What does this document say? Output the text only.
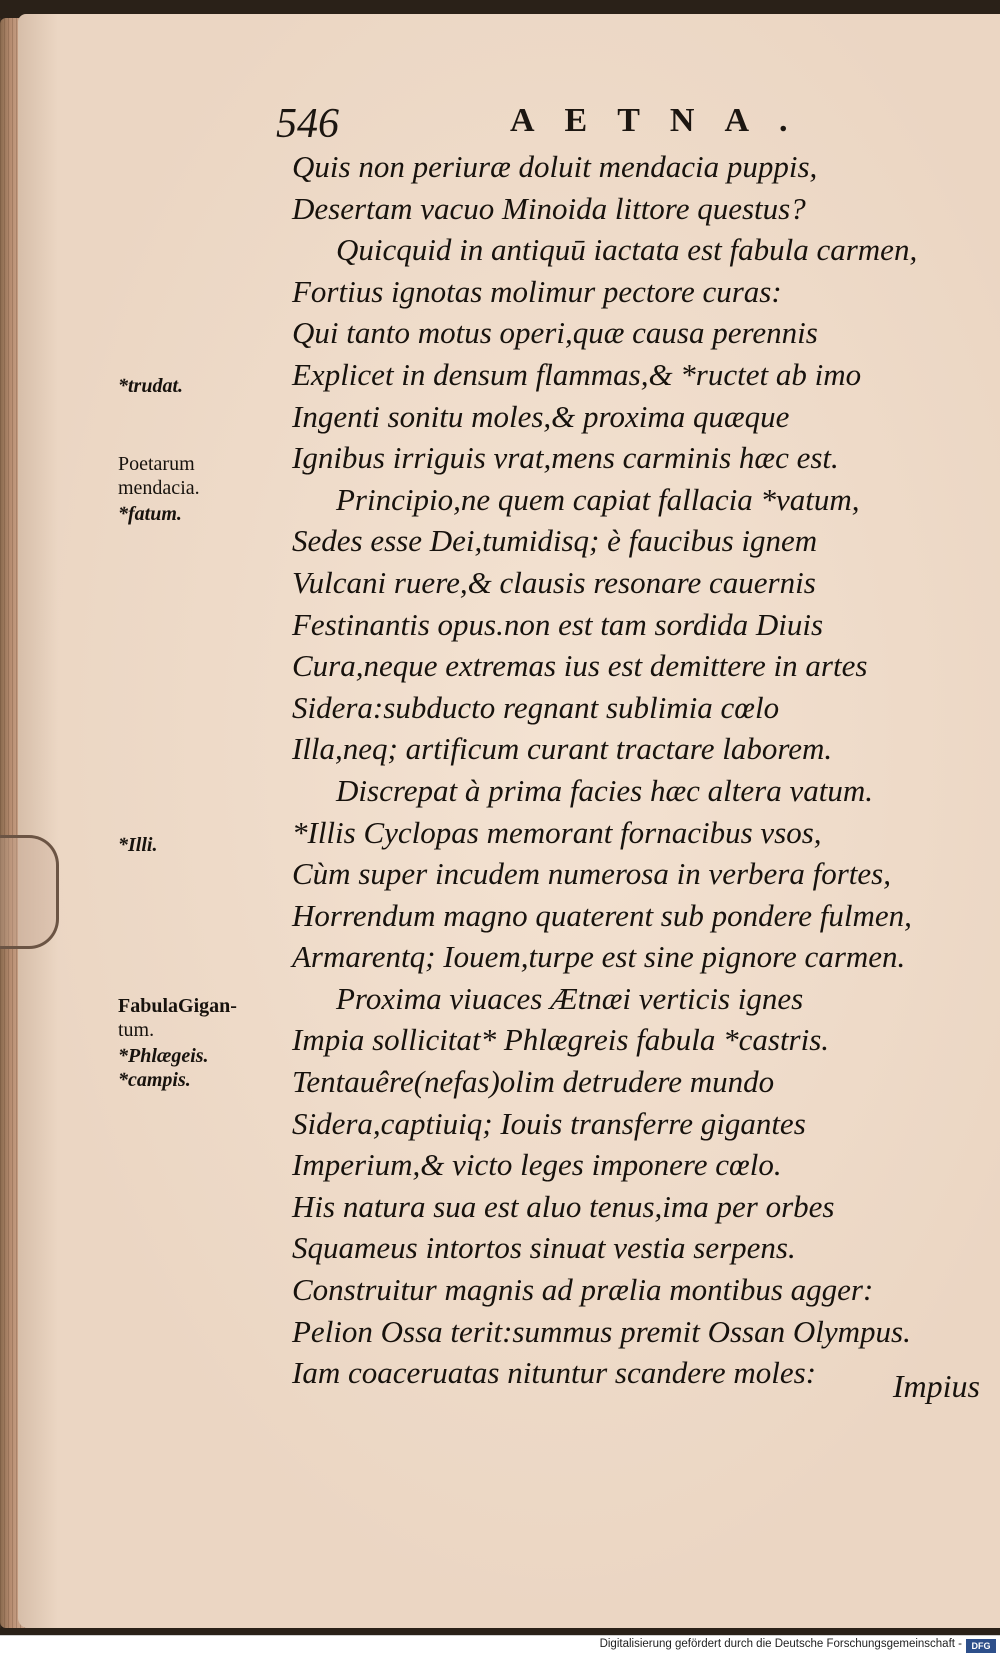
546	AETNA.
Quis non periuræ doluit mendacia puppis,
Desertam vacuo Minoida littore questus?
Quicquid in antiquū iactata est fabula carmen,
Fortius ignotas molimur pectore curas:
Qui tanto motus operi,quæ causa perennis
Explicet in densum flammas,& *ructet ab imo
Ingenti sonitu moles,& proxima quæque
Ignibus irriguis vrat,mens carminis hæc est.
Principio,ne quem capiat fallacia *vatum,
Sedes esse Dei,tumidisq; è faucibus ignem
Vulcani ruere,& clausis resonare cauernis
Festinantis opus.non est tam sordida Diuis
Cura,neque extremas ius est demittere in artes
Sidera:subducto regnant sublimia cœlo
Illa,neq; artificum curant tractare laborem.
Discrepat à prima facies hæc altera vatum.
*Illis Cyclopas memorant fornacibus vsos,
Cùm super incudem numerosa in verbera fortes,
Horrendum magno quaterent sub pondere fulmen,
Armarentq; Iouem,turpe est sine pignore carmen.
Proxima viuaces Ætnæi verticis ignes
Impia sollicitat* Phlægreis fabula *castris.
Tentauêre(nefas)olim detrudere mundo
Sidera,captiuiq; Iouis transferre gigantes
Imperium,& victo leges imponere cœlo.
His natura sua est aluo tenus,ima per orbes
Squameus intortos sinuat vestia serpens.
Construitur magnis ad prælia montibus agger:
Pelion Ossa terit:summus premit Ossan Olympus.
Iam coaceruatas nituntur scandere moles:
*trudat.
Poetarum
mendacia.
*fatum.
*Illi.
FabulaGigan-
tum.
*Phlægeis.
*campis.
Impius
Digitalisierung gefördert durch die Deutsche Forschungsgemeinschaft -	DFG
